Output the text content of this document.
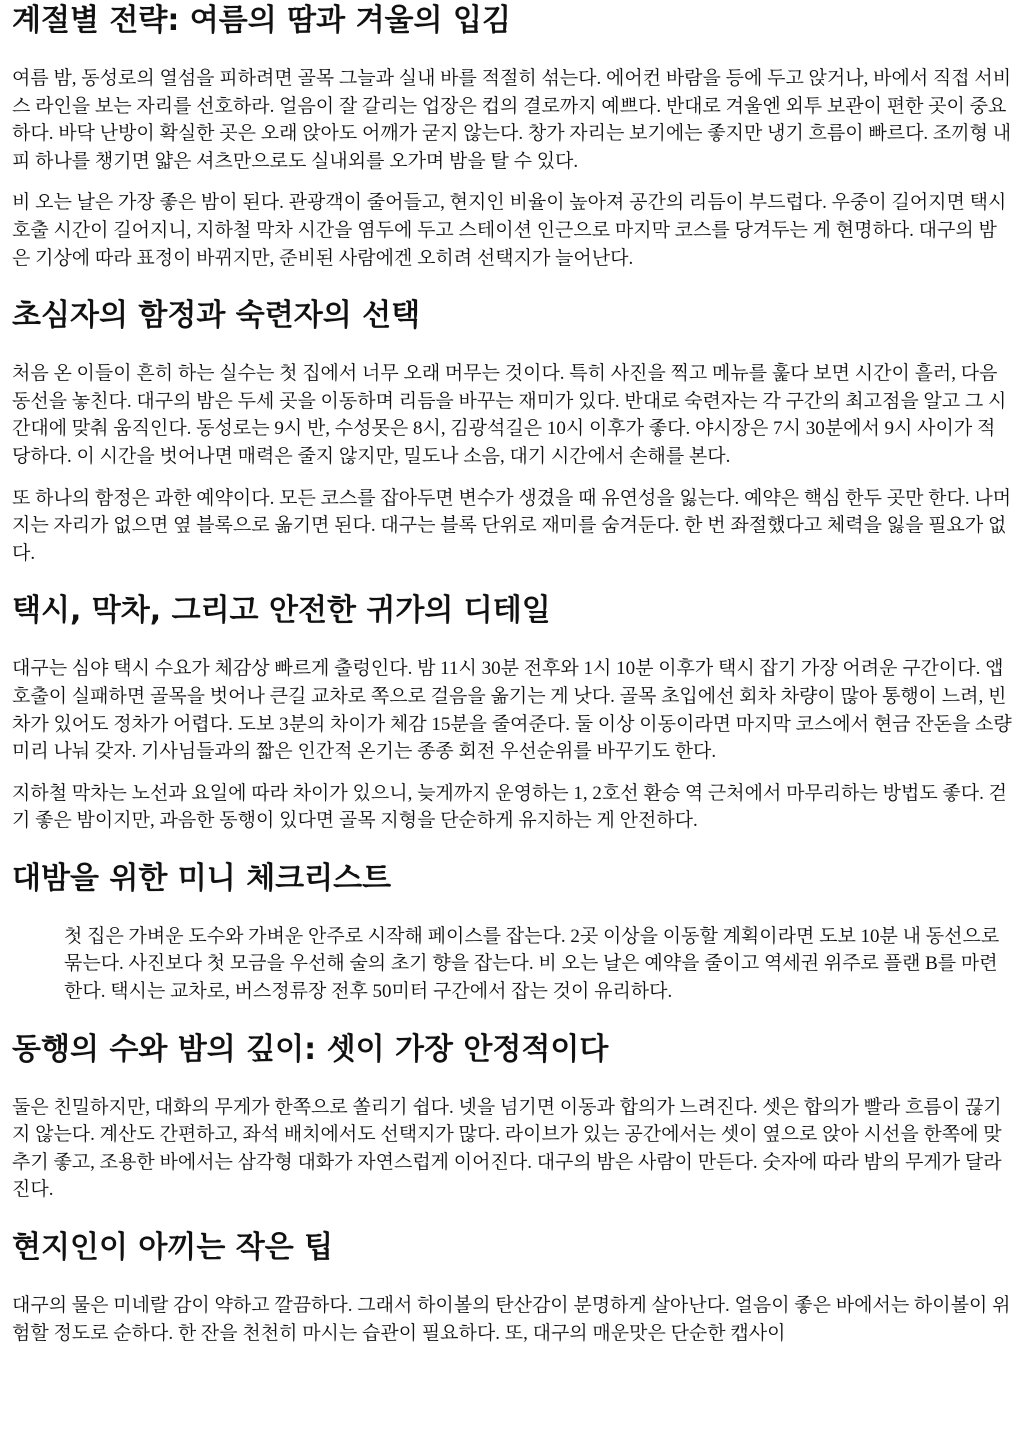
계절별 전략: 여름의 땀과 겨울의 입김

여름 밤, 동성로의 열섬을 피하려면 골목 그늘과 실내 바를 적절히 섞는다. 에어컨 바람을 등에 두고 앉거나, 바에서 직접 서비스 라인을 보는 자리를 선호하라. 얼음이 잘 갈리는 업장은 컵의 결로까지 예쁘다. 반대로 겨울엔 외투 보관이 편한 곳이 중요하다. 바닥 난방이 확실한 곳은 오래 앉아도 어깨가 굳지 않는다. 창가 자리는 보기에는 좋지만 냉기 흐름이 빠르다. 조끼형 내피 하나를 챙기면 얇은 셔츠만으로도 실내외를 오가며 밤을 탈 수 있다.

비 오는 날은 가장 좋은 밤이 된다. 관광객이 줄어들고, 현지인 비율이 높아져 공간의 리듬이 부드럽다. 우중이 길어지면 택시 호출 시간이 길어지니, 지하철 막차 시간을 염두에 두고 스테이션 인근으로 마지막 코스를 당겨두는 게 현명하다. 대구의 밤은 기상에 따라 표정이 바뀌지만, 준비된 사람에겐 오히려 선택지가 늘어난다.

초심자의 함정과 숙련자의 선택

처음 온 이들이 흔히 하는 실수는 첫 집에서 너무 오래 머무는 것이다. 특히 사진을 찍고 메뉴를 훑다 보면 시간이 흘러, 다음 동선을 놓친다. 대구의 밤은 두세 곳을 이동하며 리듬을 바꾸는 재미가 있다. 반대로 숙련자는 각 구간의 최고점을 알고 그 시간대에 맞춰 움직인다. 동성로는 9시 반, 수성못은 8시, 김광석길은 10시 이후가 좋다. 야시장은 7시 30분에서 9시 사이가 적당하다. 이 시간을 벗어나면 매력은 줄지 않지만, 밀도나 소음, 대기 시간에서 손해를 본다.

또 하나의 함정은 과한 예약이다. 모든 코스를 잡아두면 변수가 생겼을 때 유연성을 잃는다. 예약은 핵심 한두 곳만 한다. 나머지는 자리가 없으면 옆 블록으로 옮기면 된다. 대구는 블록 단위로 재미를 숨겨둔다. 한 번 좌절했다고 체력을 잃을 필요가 없다.

택시, 막차, 그리고 안전한 귀가의 디테일

대구는 심야 택시 수요가 체감상 빠르게 출렁인다. 밤 11시 30분 전후와 1시 10분 이후가 택시 잡기 가장 어려운 구간이다. 앱 호출이 실패하면 골목을 벗어나 큰길 교차로 쪽으로 걸음을 옮기는 게 낫다. 골목 초입에선 회차 차량이 많아 통행이 느려, 빈 차가 있어도 정차가 어렵다. 도보 3분의 차이가 체감 15분을 줄여준다. 둘 이상 이동이라면 마지막 코스에서 현금 잔돈을 소량 미리 나눠 갖자. 기사님들과의 짧은 인간적 온기는 종종 회전 우선순위를 바꾸기도 한다.

지하철 막차는 노선과 요일에 따라 차이가 있으니, 늦게까지 운영하는 1, 2호선 환승 역 근처에서 마무리하는 방법도 좋다. 걷기 좋은 밤이지만, 과음한 동행이 있다면 골목 지형을 단순하게 유지하는 게 안전하다.

대밤을 위한 미니 체크리스트

첫 집은 가벼운 도수와 가벼운 안주로 시작해 페이스를 잡는다. 2곳 이상을 이동할 계획이라면 도보 10분 내 동선으로 묶는다. 사진보다 첫 모금을 우선해 술의 초기 향을 잡는다. 비 오는 날은 예약을 줄이고 역세권 위주로 플랜 B를 마련한다. 택시는 교차로, 버스정류장 전후 50미터 구간에서 잡는 것이 유리하다.

동행의 수와 밤의 깊이: 셋이 가장 안정적이다

둘은 친밀하지만, 대화의 무게가 한쪽으로 쏠리기 쉽다. 넷을 넘기면 이동과 합의가 느려진다. 셋은 합의가 빨라 흐름이 끊기지 않는다. 계산도 간편하고, 좌석 배치에서도 선택지가 많다. 라이브가 있는 공간에서는 셋이 옆으로 앉아 시선을 한쪽에 맞추기 좋고, 조용한 바에서는 삼각형 대화가 자연스럽게 이어진다. 대구의 밤은 사람이 만든다. 숫자에 따라 밤의 무게가 달라진다.

현지인이 아끼는 작은 팁

대구의 물은 미네랄 감이 약하고 깔끔하다. 그래서 하이볼의 탄산감이 분명하게 살아난다. 얼음이 좋은 바에서는 하이볼이 위험할 정도로 순하다. 한 잔을 천천히 마시는 습관이 필요하다. 또, 대구의 매운맛은 단순한 캡사이
